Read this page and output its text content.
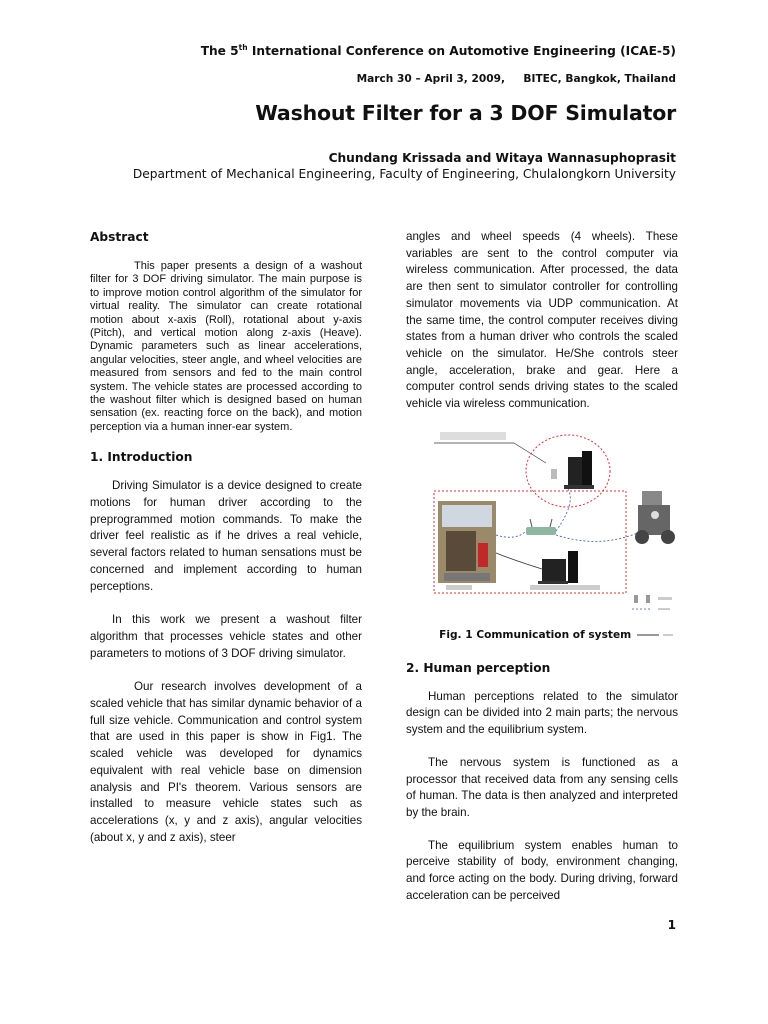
The 5th International Conference on Automotive Engineering (ICAE-5)
March 30 – April 3, 2009,     BITEC, Bangkok, Thailand
Washout Filter for a 3 DOF Simulator
Chundang Krissada and Witaya Wannasuphoprasit
Department of Mechanical Engineering, Faculty of Engineering, Chulalongkorn University
Abstract

This paper presents a design of a washout filter for 3 DOF driving simulator. The main purpose is to improve motion control algorithm of the simulator for virtual reality. The simulator can create rotational motion about x-axis (Roll), rotational about y-axis (Pitch), and vertical motion along z-axis (Heave). Dynamic parameters such as linear accelerations, angular velocities, steer angle, and wheel velocities are measured from sensors and fed to the main control system. The vehicle states are processed according to the washout filter which is designed based on human sensation (ex. reacting force on the back), and motion perception via a human inner-ear system.

1. Introduction

Driving Simulator is a device designed to create motions for human driver according to the preprogrammed motion commands. To make the driver feel realistic as if he drives a real vehicle, several factors related to human sensations must be concerned and implement according to human perceptions.

In this work we present a washout filter algorithm that processes vehicle states and other parameters to motions of 3 DOF driving simulator.

Our research involves development of a scaled vehicle that has similar dynamic behavior of a full size vehicle. Communication and control system that are used in this paper is show in Fig1. The scaled vehicle was developed for dynamics equivalent with real vehicle base on dimension analysis and PI's theorem. Various sensors are installed to measure vehicle states such as accelerations (x, y and z axis), angular velocities (about x, y and z axis), steer

angles and wheel speeds (4 wheels). These variables are sent to the control computer via wireless communication. After processed, the data are then sent to simulator controller for controlling simulator movements via UDP communication. At the same time, the control computer receives diving states from a human driver who controls the scaled vehicle on the simulator. He/She controls steer angle, acceleration, brake and gear. Here a computer control sends driving states to the scaled vehicle via wireless communication.

Fig. 1 Communication of system
2. Human perception

Human perceptions related to the simulator design can be divided into 2 main parts; the nervous system and the equilibrium system.

The nervous system is functioned as a processor that received data from any sensing cells of human. The data is then analyzed and interpreted by the brain.

The equilibrium system enables human to perceive stability of body, environment changing, and force acting on the body. During driving, forward acceleration can be perceived

1
